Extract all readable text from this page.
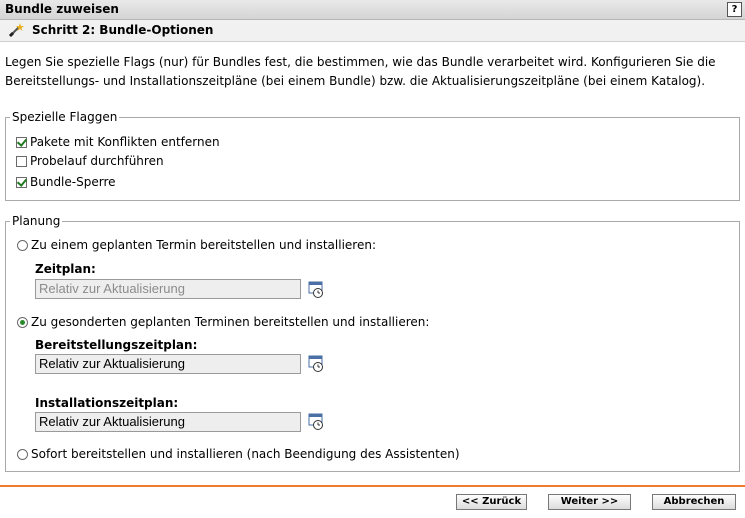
Bundle zuweisen	?
Schritt 2: Bundle-Optionen
Legen Sie spezielle Flags (nur) für Bundles fest, die bestimmen, wie das Bundle verarbeitet wird. Konfigurieren Sie die
Bereitstellungs- und Installationszeitpläne (bei einem Bundle) bzw. die Aktualisierungszeitpläne (bei einem Katalog).
Spezielle Flaggen
Pakete mit Konflikten entfernen
Probelauf durchführen
Bundle-Sperre
Planung
Zu einem geplanten Termin bereitstellen und installieren:
Zeitplan:
Relativ zur Aktualisierung
Zu gesonderten geplanten Terminen bereitstellen und installieren:
Bereitstellungszeitplan:
Relativ zur Aktualisierung
Installationszeitplan:
Relativ zur Aktualisierung
Sofort bereitstellen und installieren (nach Beendigung des Assistenten)
<< Zurück	Weiter >>	Abbrechen
